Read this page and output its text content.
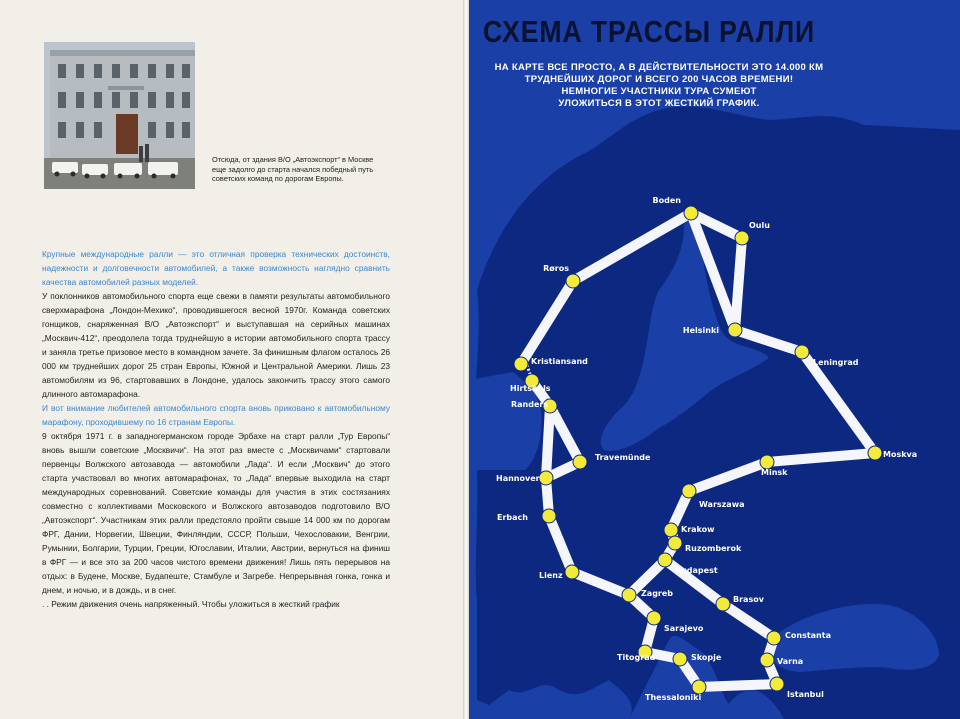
Отсюда, от здания В/О „Автоэкспорт“ в Москве еще задолго до старта начался победный путь советских команд по дорогам Европы.

Крупные международные ралли — это отличная проверка технических достоинств, надежности и долговечности автомобилей, а также возможность наглядно сравнить качества автомобилей разных моделей.

У поклонников автомобильного спорта еще свежи в памяти результаты автомобильного сверхмарафона „Лондон-Мехико“, проводившегося весной 1970г. Команда советских гонщиков, снаряженная В/О „Автоэкспорт“ и выступавшая на серийных машинах „Москвич-412“, преодолела тогда труднейшую в истории автомобильного спорта трассу и заняла третье призовое место в командном зачете. За финишным флагом осталось 26 000 км труднейших дорог 25 стран Европы, Южной и Центральной Америки. Лишь 23 автомобилям из 96, стартовавших в Лондоне, удалось закончить трассу этого самого длинного автомарафона.

И вот внимание любителей автомобильного спорта вновь приковано к автомобильному марафону, проходившему по 16 странам Европы.

9 октября 1971 г. в западногерманском городе Эрбахе на старт ралли „Тур Европы“ вновь вышли советские „Москвичи“. На этот раз вместе с „Москвичами“ стартовали первенцы Волжского автозавода — автомобили „Лада“. И если „Москвич“ до этого старта участвовал во многих автомарафонах, то „Лада“ впервые выходила на старт международных соревнований. Советские команды для участия в этих состязаниях совместно с коллективами Московского и Волжского автозаводов подготовило В/О „Автоэкспорт“. Участникам этих ралли предстояло пройти свыше 14 000 км по дорогам ФРГ, Дании, Норвегии, Швеции, Финляндии, СССР, Польши, Чехословакии, Венгрии, Румынии, Болгарии, Турции, Греции, Югославии, Италии, Австрии, вернуться на финиш в ФРГ — и все это за 200 часов чистого времени движения! Лишь пять перерывов на отдых: в Будене, Москве, Будапеште, Стамбуле и Загребе. Непрерывная гонка, гонка и днем, и ночью, и в дождь, и в снег.

. . Режим движения очень напряженный. Чтобы уложиться в жесткий график

Boden
Oulu
Røros
Helsinki
Leningrad
Kristiansand
Hirtshals
Randers
Moskva
Travemünde
Hannover
Minsk
Erbach
Warszawa
Krakow
Ruzomberok
Budapest
Lienz
Zagreb
Brasov
Sarajevo
Constanta
Titograd	Skopje	Varna
Thessaloniki	Istanbul
СХЕМА ТРАССЫ РАЛЛИ

НА КАРТЕ ВСЕ ПРОСТО, А В ДЕЙСТВИТЕЛЬНОСТИ ЭТО 14.000 КМ
ТРУДНЕЙШИХ ДОРОГ И ВСЕГО 200 ЧАСОВ ВРЕМЕНИ!
НЕМНОГИЕ УЧАСТНИКИ ТУРА СУМЕЮТ
УЛОЖИТЬСЯ В ЭТОТ ЖЕСТКИЙ ГРАФИК.
